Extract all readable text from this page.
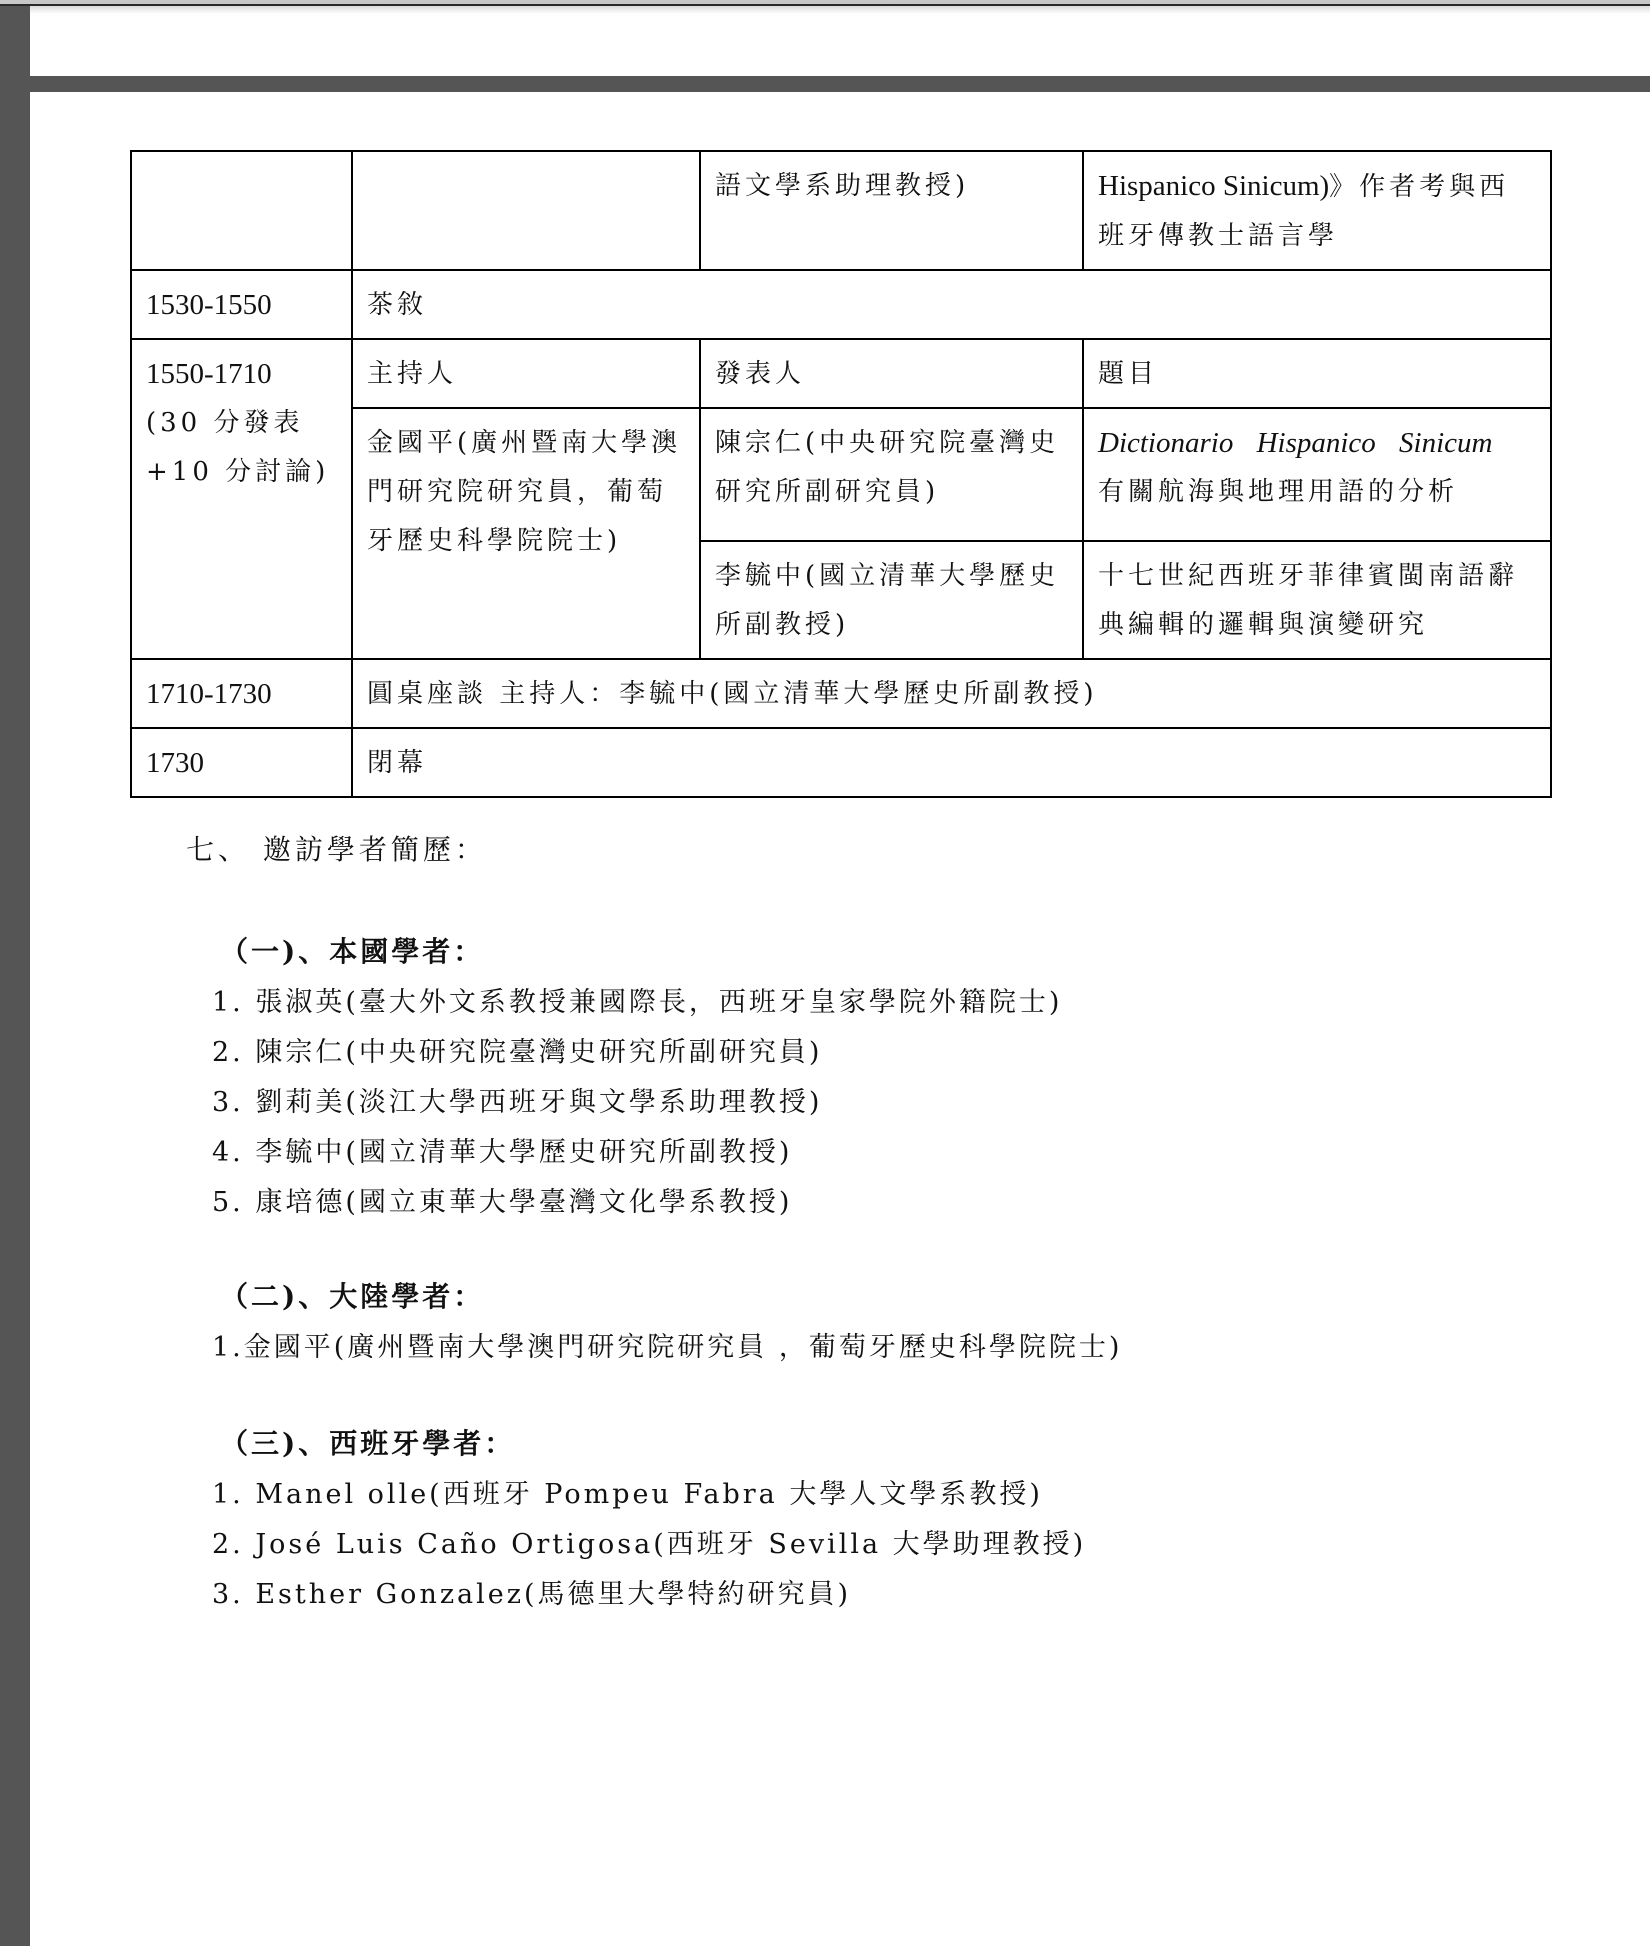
		語文學系助理教授)	Hispanico Sinicum)》作者考與西班牙傳教士語言學
1530-1550	茶敘		

1550-1710
(30 分發表
+10 分討論)	主持人	發表人	題目
	金國平(廣州暨南大學澳門研究院研究員，葡萄牙歷史科學院院士)	陳宗仁(中央研究院臺灣史研究所副研究員)	Dictionario Hispanico Sinicum
有關航海與地理用語的分析

		李毓中(國立清華大學歷史所副教授)	十七世紀西班牙菲律賓閩南語辭典編輯的邏輯與演變研究
1710-1730	圓桌座談 主持人：李毓中(國立清華大學歷史所副教授)		
1730	閉幕		
七、 邀訪學者簡歷：
（一)、本國學者：
1. 張淑英(臺大外文系教授兼國際長，西班牙皇家學院外籍院士)
2. 陳宗仁(中央研究院臺灣史研究所副研究員)
3. 劉莉美(淡江大學西班牙與文學系助理教授)
4. 李毓中(國立清華大學歷史研究所副教授)
5. 康培德(國立東華大學臺灣文化學系教授)
（二)、大陸學者：
1.金國平(廣州暨南大學澳門研究院研究員 ，葡萄牙歷史科學院院士)
（三)、西班牙學者：
1. Manel olle(西班牙 Pompeu Fabra 大學人文學系教授)
2. José Luis Caño Ortigosa(西班牙 Sevilla 大學助理教授)
3. Esther Gonzalez(馬德里大學特約研究員)
